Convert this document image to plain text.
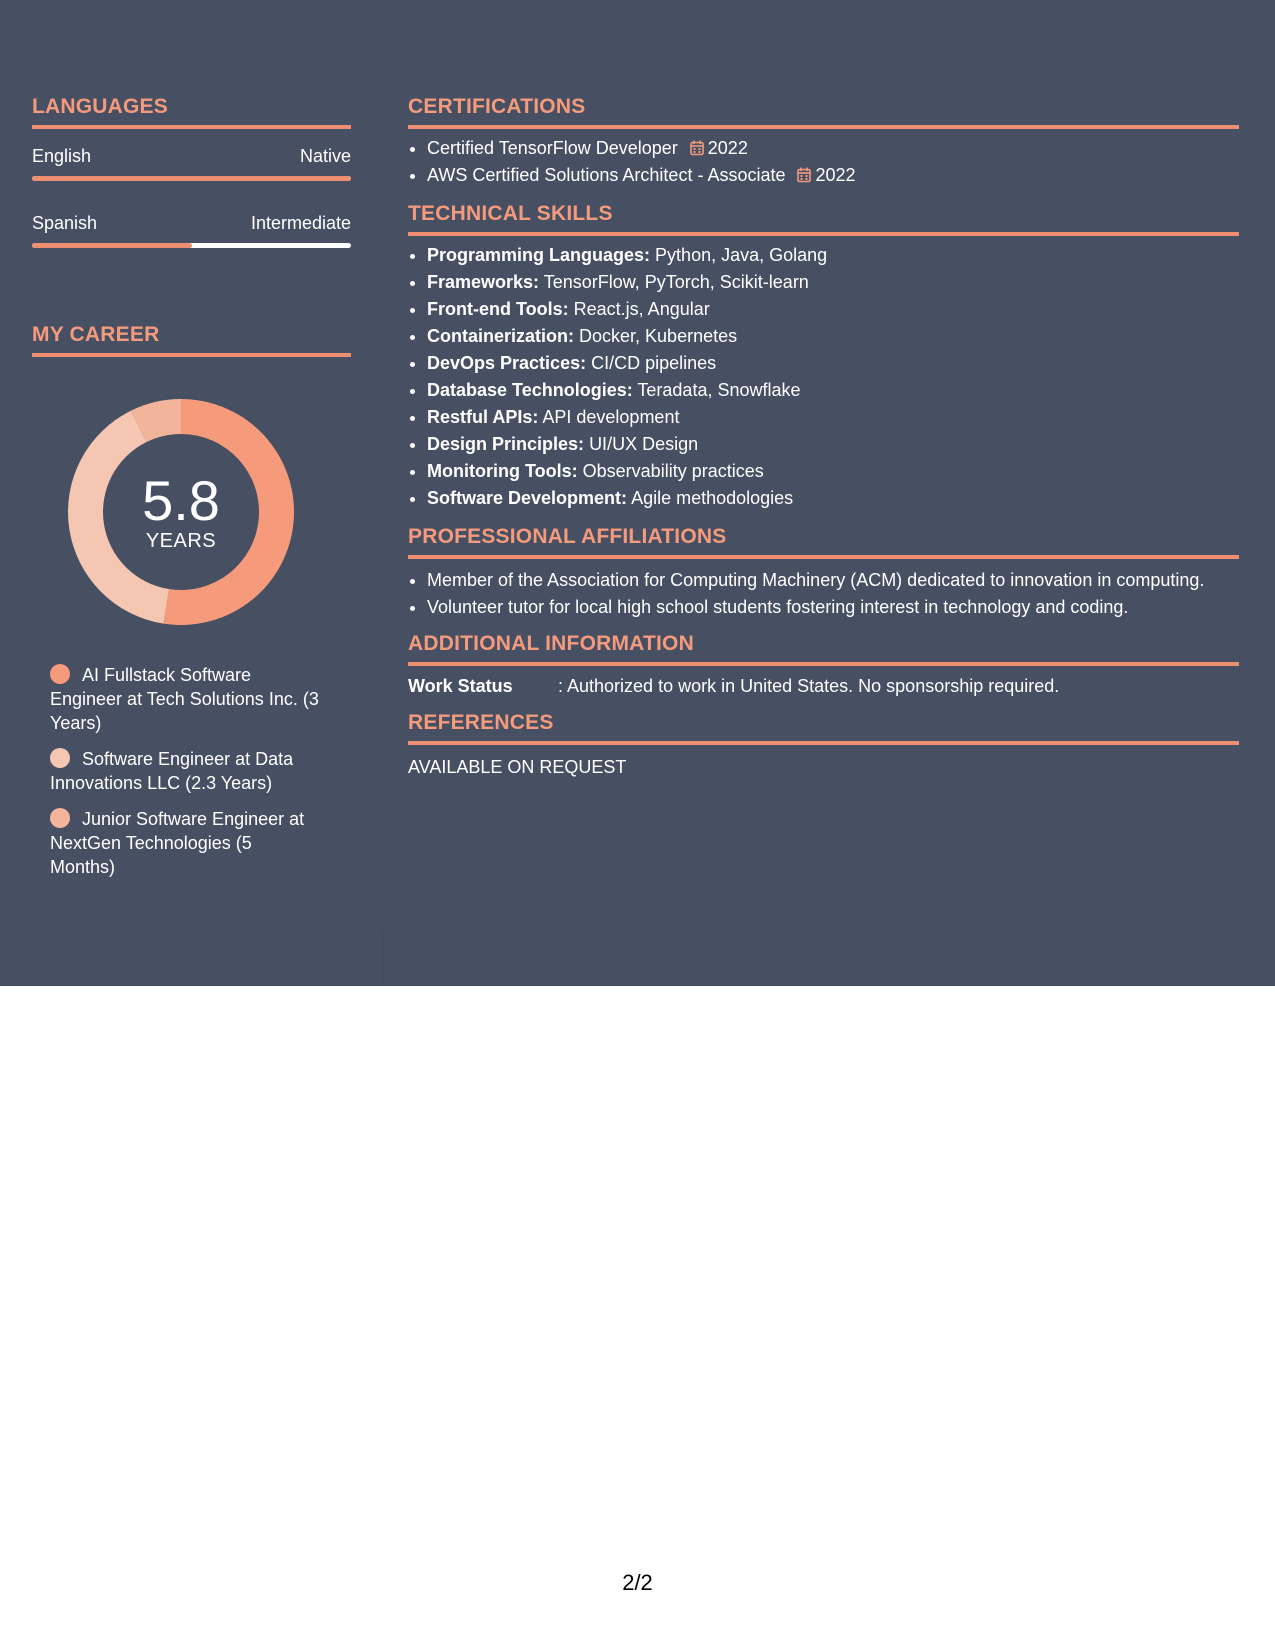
LANGUAGES
English	Native
Spanish	Intermediate
MY CAREER
5.8
YEARS
AI Fullstack Software Engineer at Tech Solutions Inc. (3 Years)
Software Engineer at Data Innovations LLC (2.3 Years)
Junior Software Engineer at NextGen Technologies (5 Months)
CERTIFICATIONS
• Certified TensorFlow Developer 2022
• AWS Certified Solutions Architect - Associate 2022
TECHNICAL SKILLS
• Programming Languages: Python, Java, Golang
• Frameworks: TensorFlow, PyTorch, Scikit-learn
• Front-end Tools: React.js, Angular
• Containerization: Docker, Kubernetes
• DevOps Practices: CI/CD pipelines
• Database Technologies: Teradata, Snowflake
• Restful APIs: API development
• Design Principles: UI/UX Design
• Monitoring Tools: Observability practices
• Software Development: Agile methodologies
PROFESSIONAL AFFILIATIONS
• Member of the Association for Computing Machinery (ACM) dedicated to innovation in computing.
• Volunteer tutor for local high school students fostering interest in technology and coding.
ADDITIONAL INFORMATION
Work Status	: Authorized to work in United States. No sponsorship required.
REFERENCES
AVAILABLE ON REQUEST
2/2
